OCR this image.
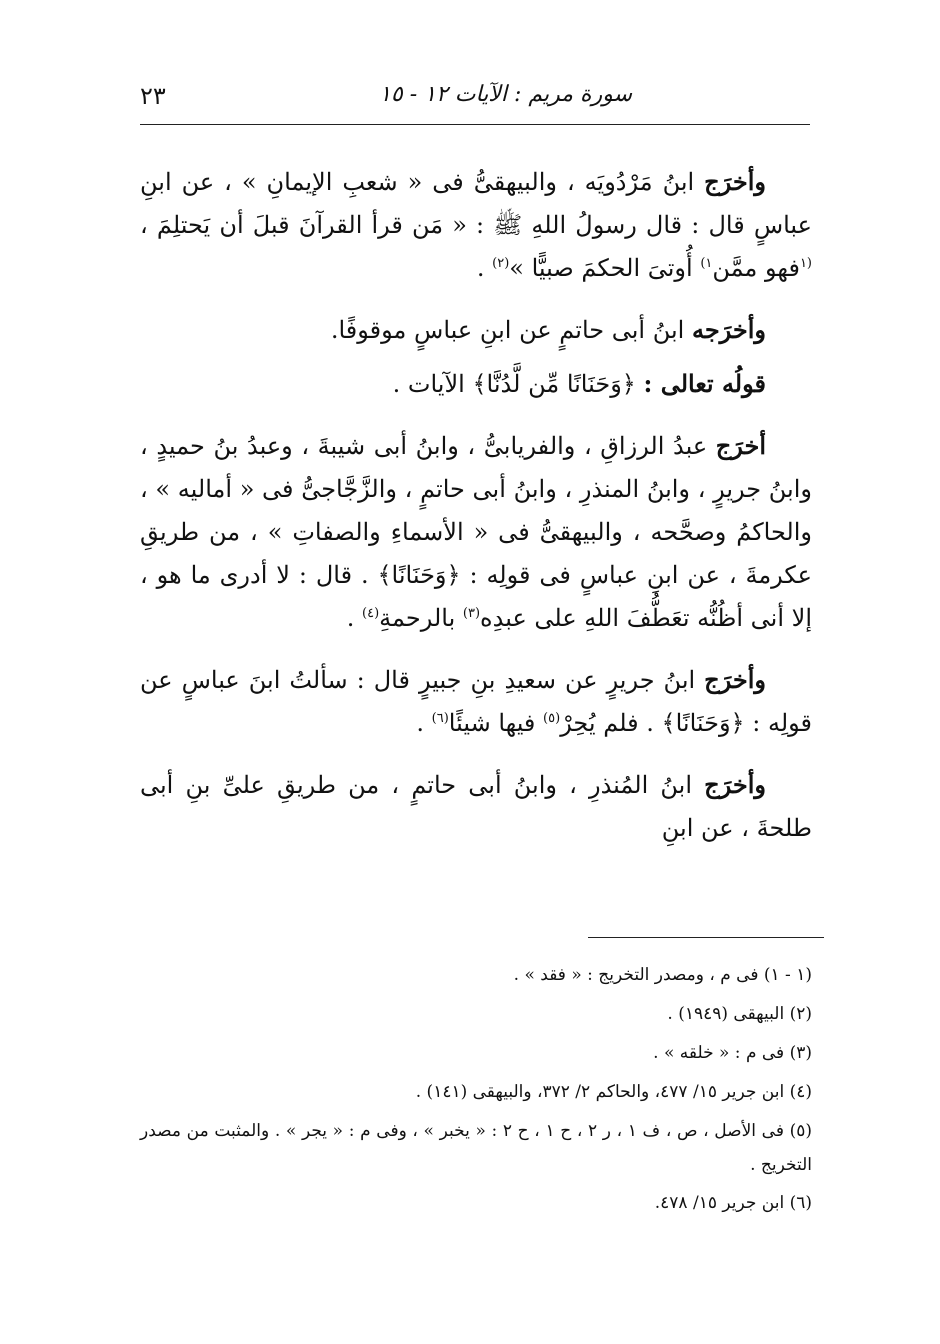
سورة مريم : الآيات ١٢ - ١٥
٢٣

وأخرَج ابنُ مَرْدُويَه ، والبيهقىُّ فى « شعبِ الإيمانِ » ، عن ابنِ عباسٍ قال : قال رسولُ اللهِ ﷺ : « مَن قرأ القرآنَ قبلَ أن يَحتلِمَ ، $^{(١}$فهو ممَّن$^{١)}$ أُوتىَ الحكمَ صبيًّا »$^{(٢)}$ .

وأخرَجه ابنُ أبى حاتمٍ عن ابنِ عباسٍ موقوفًا.

قولُه تعالى : ﴿وَحَنَانًا مِّن لَّدُنَّا﴾ الآيات .

أخرَج عبدُ الرزاقِ ، والفريابىُّ ، وابنُ أبى شيبةَ ، وعبدُ بنُ حميدٍ ، وابنُ جريرٍ ، وابنُ المنذرِ ، وابنُ أبى حاتمٍ ، والزَّجَّاجىُّ فى « أماليه » ، والحاكمُ وصحَّحه ، والبيهقىُّ فى « الأسماءِ والصفاتِ » ، من طريقِ عكرمةَ ، عن ابنِ عباسٍ فى قولِه : ﴿وَحَنَانًا﴾ . قال : لا أدرى ما هو ، إلا أنى أظُنُّه تعَطُّفَ اللهِ على عبدِه$^{(٣)}$ بالرحمةِ$^{(٤)}$ .

وأخرَج ابنُ جريرٍ عن سعيدِ بنِ جبيرٍ قال : سألتُ ابنَ عباسٍ عن قولِه : ﴿وَحَنَانًا﴾ . فلم يُحِرْ$^{(٥)}$ فيها شيئًا$^{(٦)}$ .

وأخرَج ابنُ المُنذرِ ، وابنُ أبى حاتمٍ ، من طريقِ علىِّ بنِ أبى طلحةَ ، عن ابنِ

(١ - ١) فى م ، ومصدر التخريج : « فقد » .

(٢) البيهقى (١٩٤٩) .

(٣) فى م : « خلقه » .

(٤) ابن جرير ١٥/ ٤٧٧، والحاكم ٢/ ٣٧٢، والبيهقى (١٤١) .

(٥) فى الأصل ، ص ، ف ١ ، ر ٢ ، ح ١ ، ح ٢ : « يخبر » ، وفى م : « يجر » . والمثبت من مصدر التخريج .

(٦) ابن جرير ١٥/ ٤٧٨.
